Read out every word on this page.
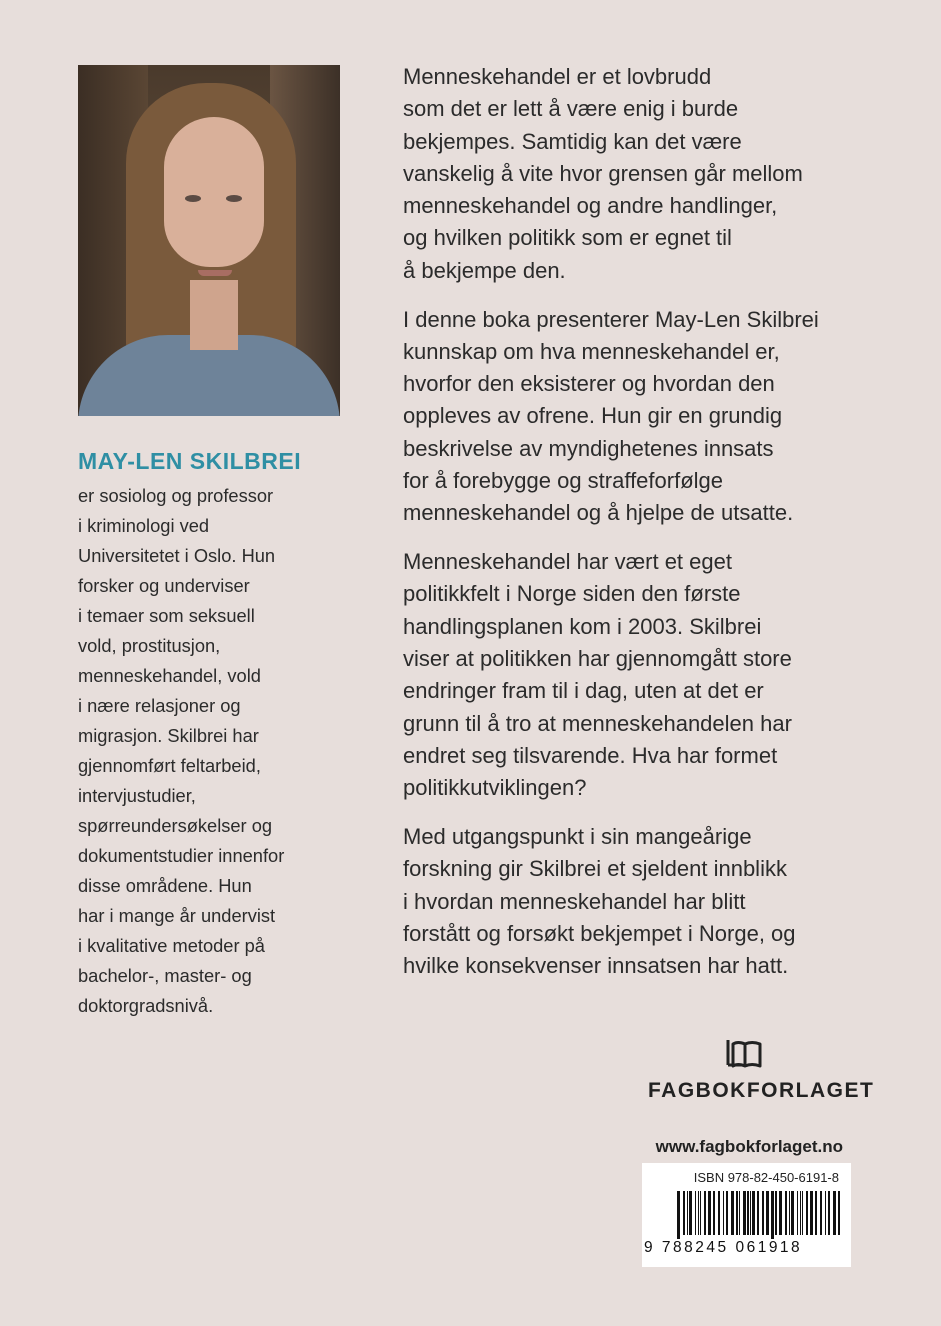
MAY-LEN SKILBREI
er sosiolog og professor
i kriminologi ved
Universitetet i Oslo. Hun
forsker og underviser
i temaer som seksuell
vold, prostitusjon,
menneskehandel, vold
i nære relasjoner og
migrasjon. Skilbrei har
gjennomført feltarbeid,
intervjustudier,
spørreundersøkelser og
dokumentstudier innenfor
disse områdene. Hun
har i mange år undervist
i kvalitative metoder på
bachelor-, master- og
doktorgradsnivå.

Menneskehandel er et lovbrudd
som det er lett å være enig i burde
bekjempes. Samtidig kan det være
vanskelig å vite hvor grensen går mellom
menneskehandel og andre handlinger,
og hvilken politikk som er egnet til
å bekjempe den.

I denne boka presenterer May-Len Skilbrei
kunnskap om hva menneskehandel er,
hvorfor den eksisterer og hvordan den
oppleves av ofrene. Hun gir en grundig
beskrivelse av myndighetenes innsats
for å forebygge og straffeforfølge
menneskehandel og å hjelpe de utsatte.

Menneskehandel har vært et eget
politikkfelt i Norge siden den første
handlingsplanen kom i 2003. Skilbrei
viser at politikken har gjennomgått store
endringer fram til i dag, uten at det er
grunn til å tro at menneskehandelen har
endret seg tilsvarende. Hva har formet
politikkutviklingen?

Med utgangspunkt i sin mangeårige
forskning gir Skilbrei et sjeldent innblikk
i hvordan menneskehandel har blitt
forstått og forsøkt bekjempet i Norge, og
hvilke konsekvenser innsatsen har hatt.

FAGBOKFORLAGET
www.fagbokforlaget.no
ISBN 978-82-450-6191-8
9 788245 061918
